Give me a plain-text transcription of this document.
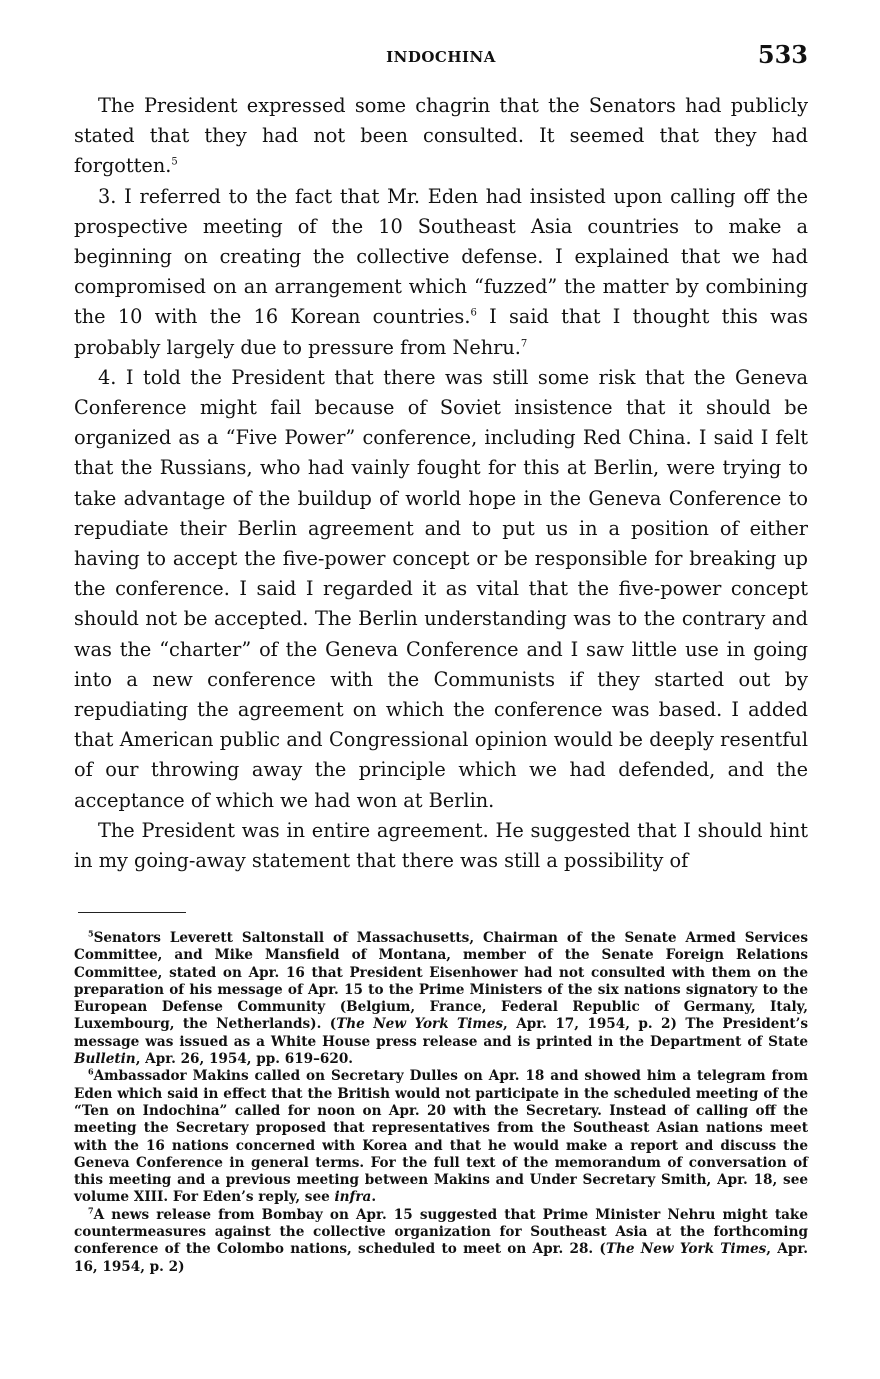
INDOCHINA	533

The President expressed some chagrin that the Senators had publicly stated that they had not been consulted. It seemed that they had forgotten.$^5$

3. I referred to the fact that Mr. Eden had insisted upon calling off the prospective meeting of the 10 Southeast Asia countries to make a beginning on creating the collective defense. I explained that we had compromised on an arrangement which “fuzzed” the matter by combining the 10 with the 16 Korean countries.$^6$ I said that I thought this was probably largely due to pressure from Nehru.$^7$

4. I told the President that there was still some risk that the Geneva Conference might fail because of Soviet insistence that it should be organized as a “Five Power” conference, including Red China. I said I felt that the Russians, who had vainly fought for this at Berlin, were trying to take advantage of the buildup of world hope in the Geneva Conference to repudiate their Berlin agreement and to put us in a position of either having to accept the five-power concept or be responsible for breaking up the conference. I said I regarded it as vital that the five-power concept should not be accepted. The Berlin understanding was to the contrary and was the “charter” of the Geneva Conference and I saw little use in going into a new conference with the Communists if they started out by repudiating the agreement on which the conference was based. I added that American public and Congressional opinion would be deeply resentful of our throwing away the principle which we had defended, and the acceptance of which we had won at Berlin.

The President was in entire agreement. He suggested that I should hint in my going-away statement that there was still a possibility of

$^5$Senators Leverett Saltonstall of Massachusetts, Chairman of the Senate Armed Services Committee, and Mike Mansfield of Montana, member of the Senate Foreign Relations Committee, stated on Apr. 16 that President Eisenhower had not consulted with them on the preparation of his message of Apr. 15 to the Prime Ministers of the six nations signatory to the European Defense Community (Belgium, France, Federal Republic of Germany, Italy, Luxembourg, the Netherlands). (The New York Times, Apr. 17, 1954, p. 2) The President’s message was issued as a White House press release and is printed in the Department of State Bulletin, Apr. 26, 1954, pp. 619–620.

$^6$Ambassador Makins called on Secretary Dulles on Apr. 18 and showed him a telegram from Eden which said in effect that the British would not participate in the scheduled meeting of the “Ten on Indochina” called for noon on Apr. 20 with the Secretary. Instead of calling off the meeting the Secretary proposed that representatives from the Southeast Asian nations meet with the 16 nations concerned with Korea and that he would make a report and discuss the Geneva Conference in general terms. For the full text of the memorandum of conversation of this meeting and a previous meeting between Makins and Under Secretary Smith, Apr. 18, see volume XIII. For Eden’s reply, see infra.

$^7$A news release from Bombay on Apr. 15 suggested that Prime Minister Nehru might take countermeasures against the collective organization for Southeast Asia at the forthcoming conference of the Colombo nations, scheduled to meet on Apr. 28. (The New York Times, Apr. 16, 1954, p. 2)
